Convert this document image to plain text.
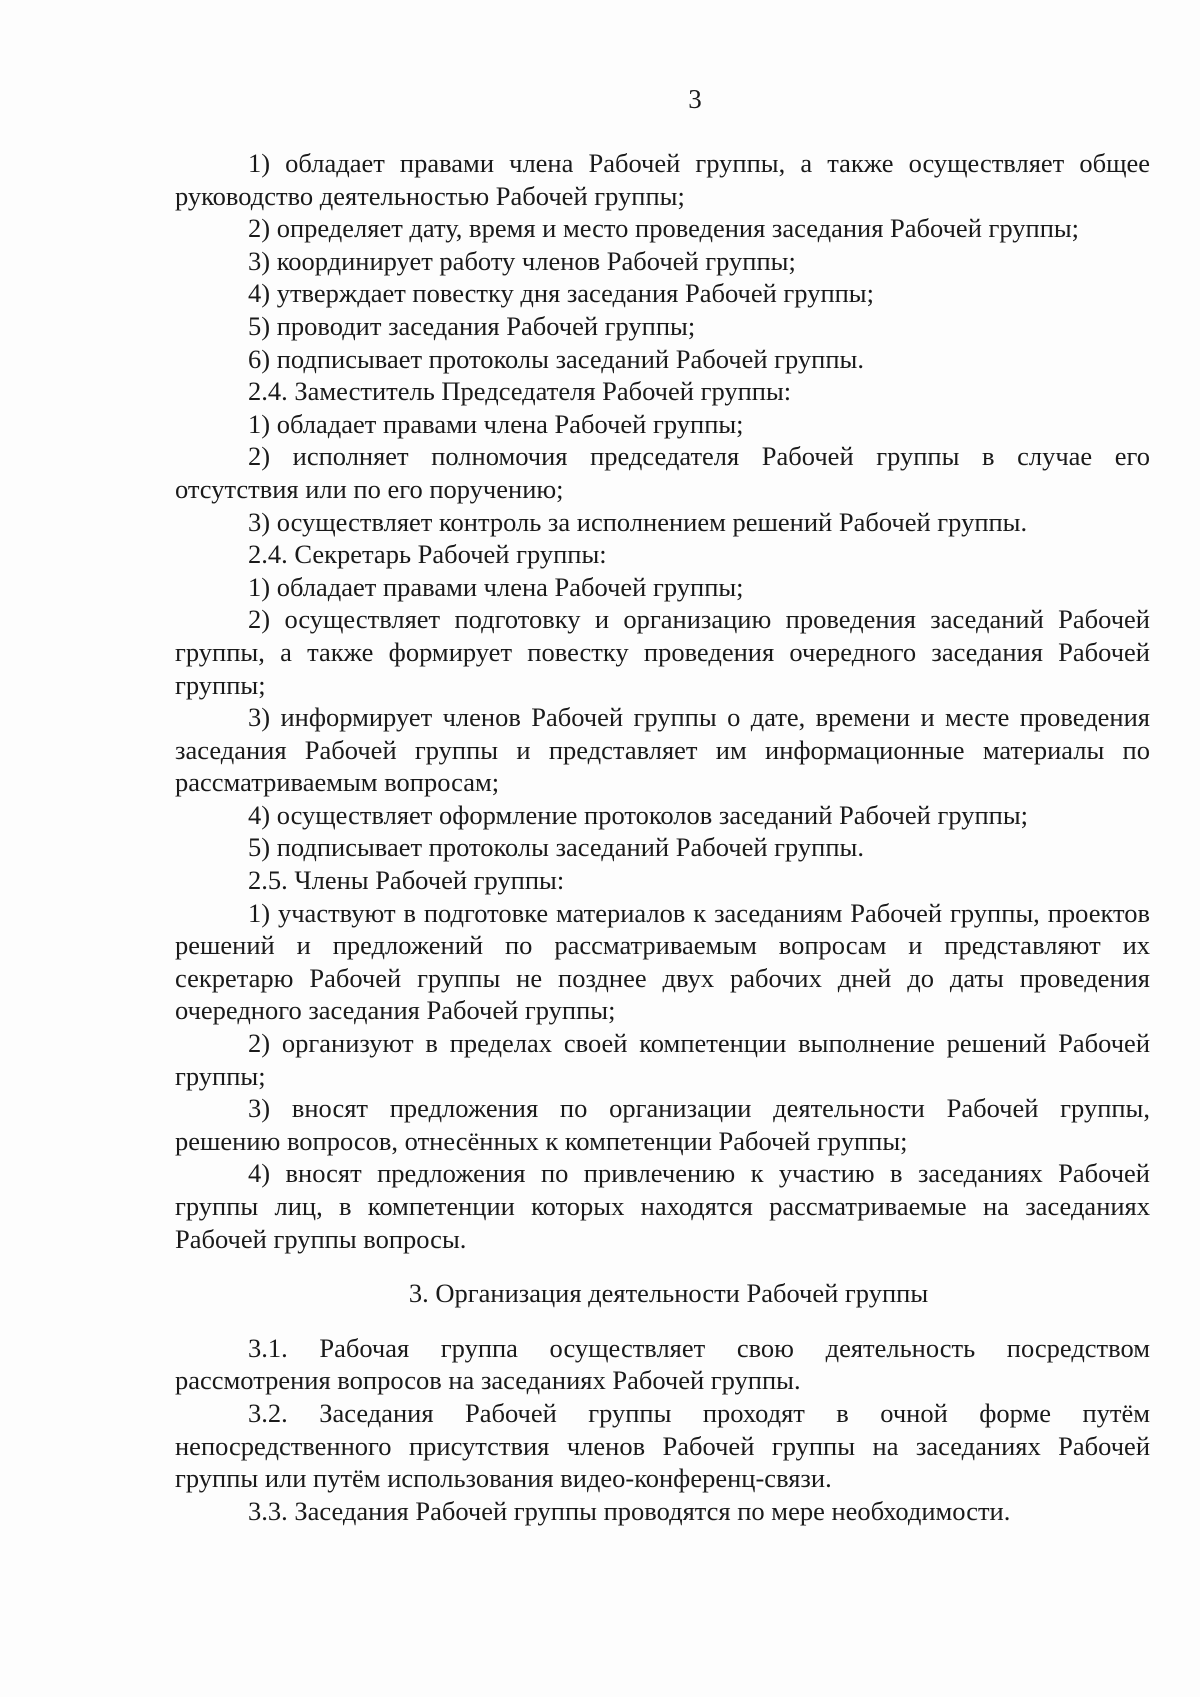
3

1) обладает правами члена Рабочей группы, а также осуществляет общее руководство деятельностью Рабочей группы;

2) определяет дату, время и место проведения заседания Рабочей группы;

3) координирует работу членов Рабочей группы;

4) утверждает повестку дня заседания Рабочей группы;

5) проводит заседания Рабочей группы;

6) подписывает протоколы заседаний Рабочей группы.

2.4. Заместитель Председателя Рабочей группы:

1) обладает правами члена Рабочей группы;

2) исполняет полномочия председателя Рабочей группы в случае его отсутствия или по его поручению;

3) осуществляет контроль за исполнением решений Рабочей группы.

2.4. Секретарь Рабочей группы:

1) обладает правами члена Рабочей группы;

2) осуществляет подготовку и организацию проведения заседаний Рабочей группы, а также формирует повестку проведения очередного заседания Рабочей группы;

3) информирует членов Рабочей группы о дате, времени и месте проведения заседания Рабочей группы и представляет им информационные материалы по рассматриваемым вопросам;

4) осуществляет оформление протоколов заседаний Рабочей группы;

5) подписывает протоколы заседаний Рабочей группы.

2.5. Члены Рабочей группы:

1) участвуют в подготовке материалов к заседаниям Рабочей группы, проектов решений и предложений по рассматриваемым вопросам и представляют их секретарю Рабочей группы не позднее двух рабочих дней до даты проведения очередного заседания Рабочей группы;

2) организуют в пределах своей компетенции выполнение решений Рабочей группы;

3) вносят предложения по организации деятельности Рабочей группы, решению вопросов, отнесённых к компетенции Рабочей группы;

4) вносят предложения по привлечению к участию в заседаниях Рабочей группы лиц, в компетенции которых находятся рассматриваемые на заседаниях Рабочей группы вопросы.

3. Организация деятельности Рабочей группы

3.1. Рабочая группа осуществляет свою деятельность посредством рассмотрения вопросов на заседаниях Рабочей группы.

3.2. Заседания Рабочей группы проходят в очной форме путём непосредственного присутствия членов Рабочей группы на заседаниях Рабочей группы или путём использования видео-конференц-связи.

3.3. Заседания Рабочей группы проводятся по мере необходимости.
